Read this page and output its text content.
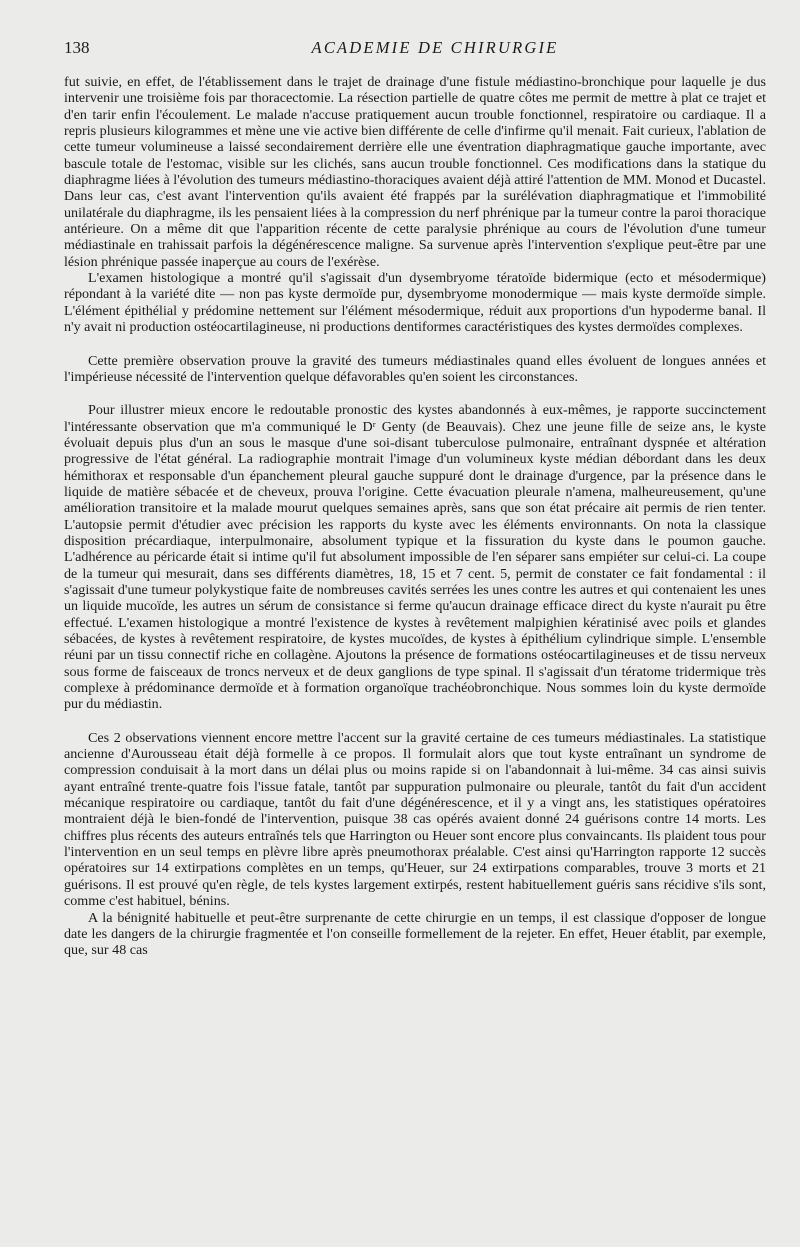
138	ACADEMIE DE CHIRURGIE

fut suivie, en effet, de l'établissement dans le trajet de drainage d'une fistule médiastino-bronchique pour laquelle je dus intervenir une troisième fois par thoracectomie. La résection partielle de quatre côtes me permit de mettre à plat ce trajet et d'en tarir enfin l'écoulement. Le malade n'accuse pratiquement aucun trouble fonctionnel, respiratoire ou cardiaque. Il a repris plusieurs kilogrammes et mène une vie active bien différente de celle d'infirme qu'il menait. Fait curieux, l'ablation de cette tumeur volumineuse a laissé secondairement derrière elle une éventration diaphragmatique gauche importante, avec bascule totale de l'estomac, visible sur les clichés, sans aucun trouble fonctionnel. Ces modifications dans la statique du diaphragme liées à l'évolution des tumeurs médiastino-thoraciques avaient déjà attiré l'attention de MM. Monod et Ducastel. Dans leur cas, c'est avant l'intervention qu'ils avaient été frappés par la surélévation diaphragmatique et l'immobilité unilatérale du diaphragme, ils les pensaient liées à la compression du nerf phrénique par la tumeur contre la paroi thoracique antérieure. On a même dit que l'apparition récente de cette paralysie phrénique au cours de l'évolution d'une tumeur médiastinale en trahissait parfois la dégénérescence maligne. Sa survenue après l'intervention s'explique peut-être par une lésion phrénique passée inaperçue au cours de l'exérèse.

L'examen histologique a montré qu'il s'agissait d'un dysembryome tératoïde bidermique (ecto et mésodermique) répondant à la variété dite — non pas kyste dermoïde pur, dysembryome monodermique — mais kyste dermoïde simple. L'élément épithélial y prédomine nettement sur l'élément mésodermique, réduit aux proportions d'un hypoderme banal. Il n'y avait ni production ostéocartilagineuse, ni productions dentiformes caractéristiques des kystes dermoïdes complexes.

Cette première observation prouve la gravité des tumeurs médiastinales quand elles évoluent de longues années et l'impérieuse nécessité de l'intervention quelque défavorables qu'en soient les circonstances.

Pour illustrer mieux encore le redoutable pronostic des kystes abandonnés à eux-mêmes, je rapporte succinctement l'intéressante observation que m'a communiqué le Dʳ Genty (de Beauvais). Chez une jeune fille de seize ans, le kyste évoluait depuis plus d'un an sous le masque d'une soi-disant tuberculose pulmonaire, entraînant dyspnée et altération progressive de l'état général. La radiographie montrait l'image d'un volumineux kyste médian débordant dans les deux hémithorax et responsable d'un épanchement pleural gauche suppuré dont le drainage d'urgence, par la présence dans le liquide de matière sébacée et de cheveux, prouva l'origine. Cette évacuation pleurale n'amena, malheureusement, qu'une amélioration transitoire et la malade mourut quelques semaines après, sans que son état précaire ait permis de rien tenter. L'autopsie permit d'étudier avec précision les rapports du kyste avec les éléments environnants. On nota la classique disposition précardiaque, interpulmonaire, absolument typique et la fissuration du kyste dans le poumon gauche. L'adhérence au péricarde était si intime qu'il fut absolument impossible de l'en séparer sans empiéter sur celui-ci. La coupe de la tumeur qui mesurait, dans ses différents diamètres, 18, 15 et 7 cent. 5, permit de constater ce fait fondamental : il s'agissait d'une tumeur polykystique faite de nombreuses cavités serrées les unes contre les autres et qui contenaient les unes un liquide mucoïde, les autres un sérum de consistance si ferme qu'aucun drainage efficace direct du kyste n'aurait pu être effectué. L'examen histologique a montré l'existence de kystes à revêtement malpighien kératinisé avec poils et glandes sébacées, de kystes à revêtement respiratoire, de kystes mucoïdes, de kystes à épithélium cylindrique simple. L'ensemble réuni par un tissu connectif riche en collagène. Ajoutons la présence de formations ostéocartilagineuses et de tissu nerveux sous forme de faisceaux de troncs nerveux et de deux ganglions de type spinal. Il s'agissait d'un tératome tridermique très complexe à prédominance dermoïde et à formation organoïque trachéobronchique. Nous sommes loin du kyste dermoïde pur du médiastin.

Ces 2 observations viennent encore mettre l'accent sur la gravité certaine de ces tumeurs médiastinales. La statistique ancienne d'Aurousseau était déjà formelle à ce propos. Il formulait alors que tout kyste entraînant un syndrome de compression conduisait à la mort dans un délai plus ou moins rapide si on l'abandonnait à lui-même. 34 cas ainsi suivis ayant entraîné trente-quatre fois l'issue fatale, tantôt par suppuration pulmonaire ou pleurale, tantôt du fait d'un accident mécanique respiratoire ou cardiaque, tantôt du fait d'une dégénérescence, et il y a vingt ans, les statistiques opératoires montraient déjà le bien-fondé de l'intervention, puisque 38 cas opérés avaient donné 24 guérisons contre 14 morts. Les chiffres plus récents des auteurs entraînés tels que Harrington ou Heuer sont encore plus convaincants. Ils plaident tous pour l'intervention en un seul temps en plèvre libre après pneumothorax préalable. C'est ainsi qu'Harrington rapporte 12 succès opératoires sur 14 extirpations complètes en un temps, qu'Heuer, sur 24 extirpations comparables, trouve 3 morts et 21 guérisons. Il est prouvé qu'en règle, de tels kystes largement extirpés, restent habituellement guéris sans récidive s'ils sont, comme c'est habituel, bénins.

A la bénignité habituelle et peut-être surprenante de cette chirurgie en un temps, il est classique d'opposer de longue date les dangers de la chirurgie fragmentée et l'on conseille formellement de la rejeter. En effet, Heuer établit, par exemple, que, sur 48 cas
